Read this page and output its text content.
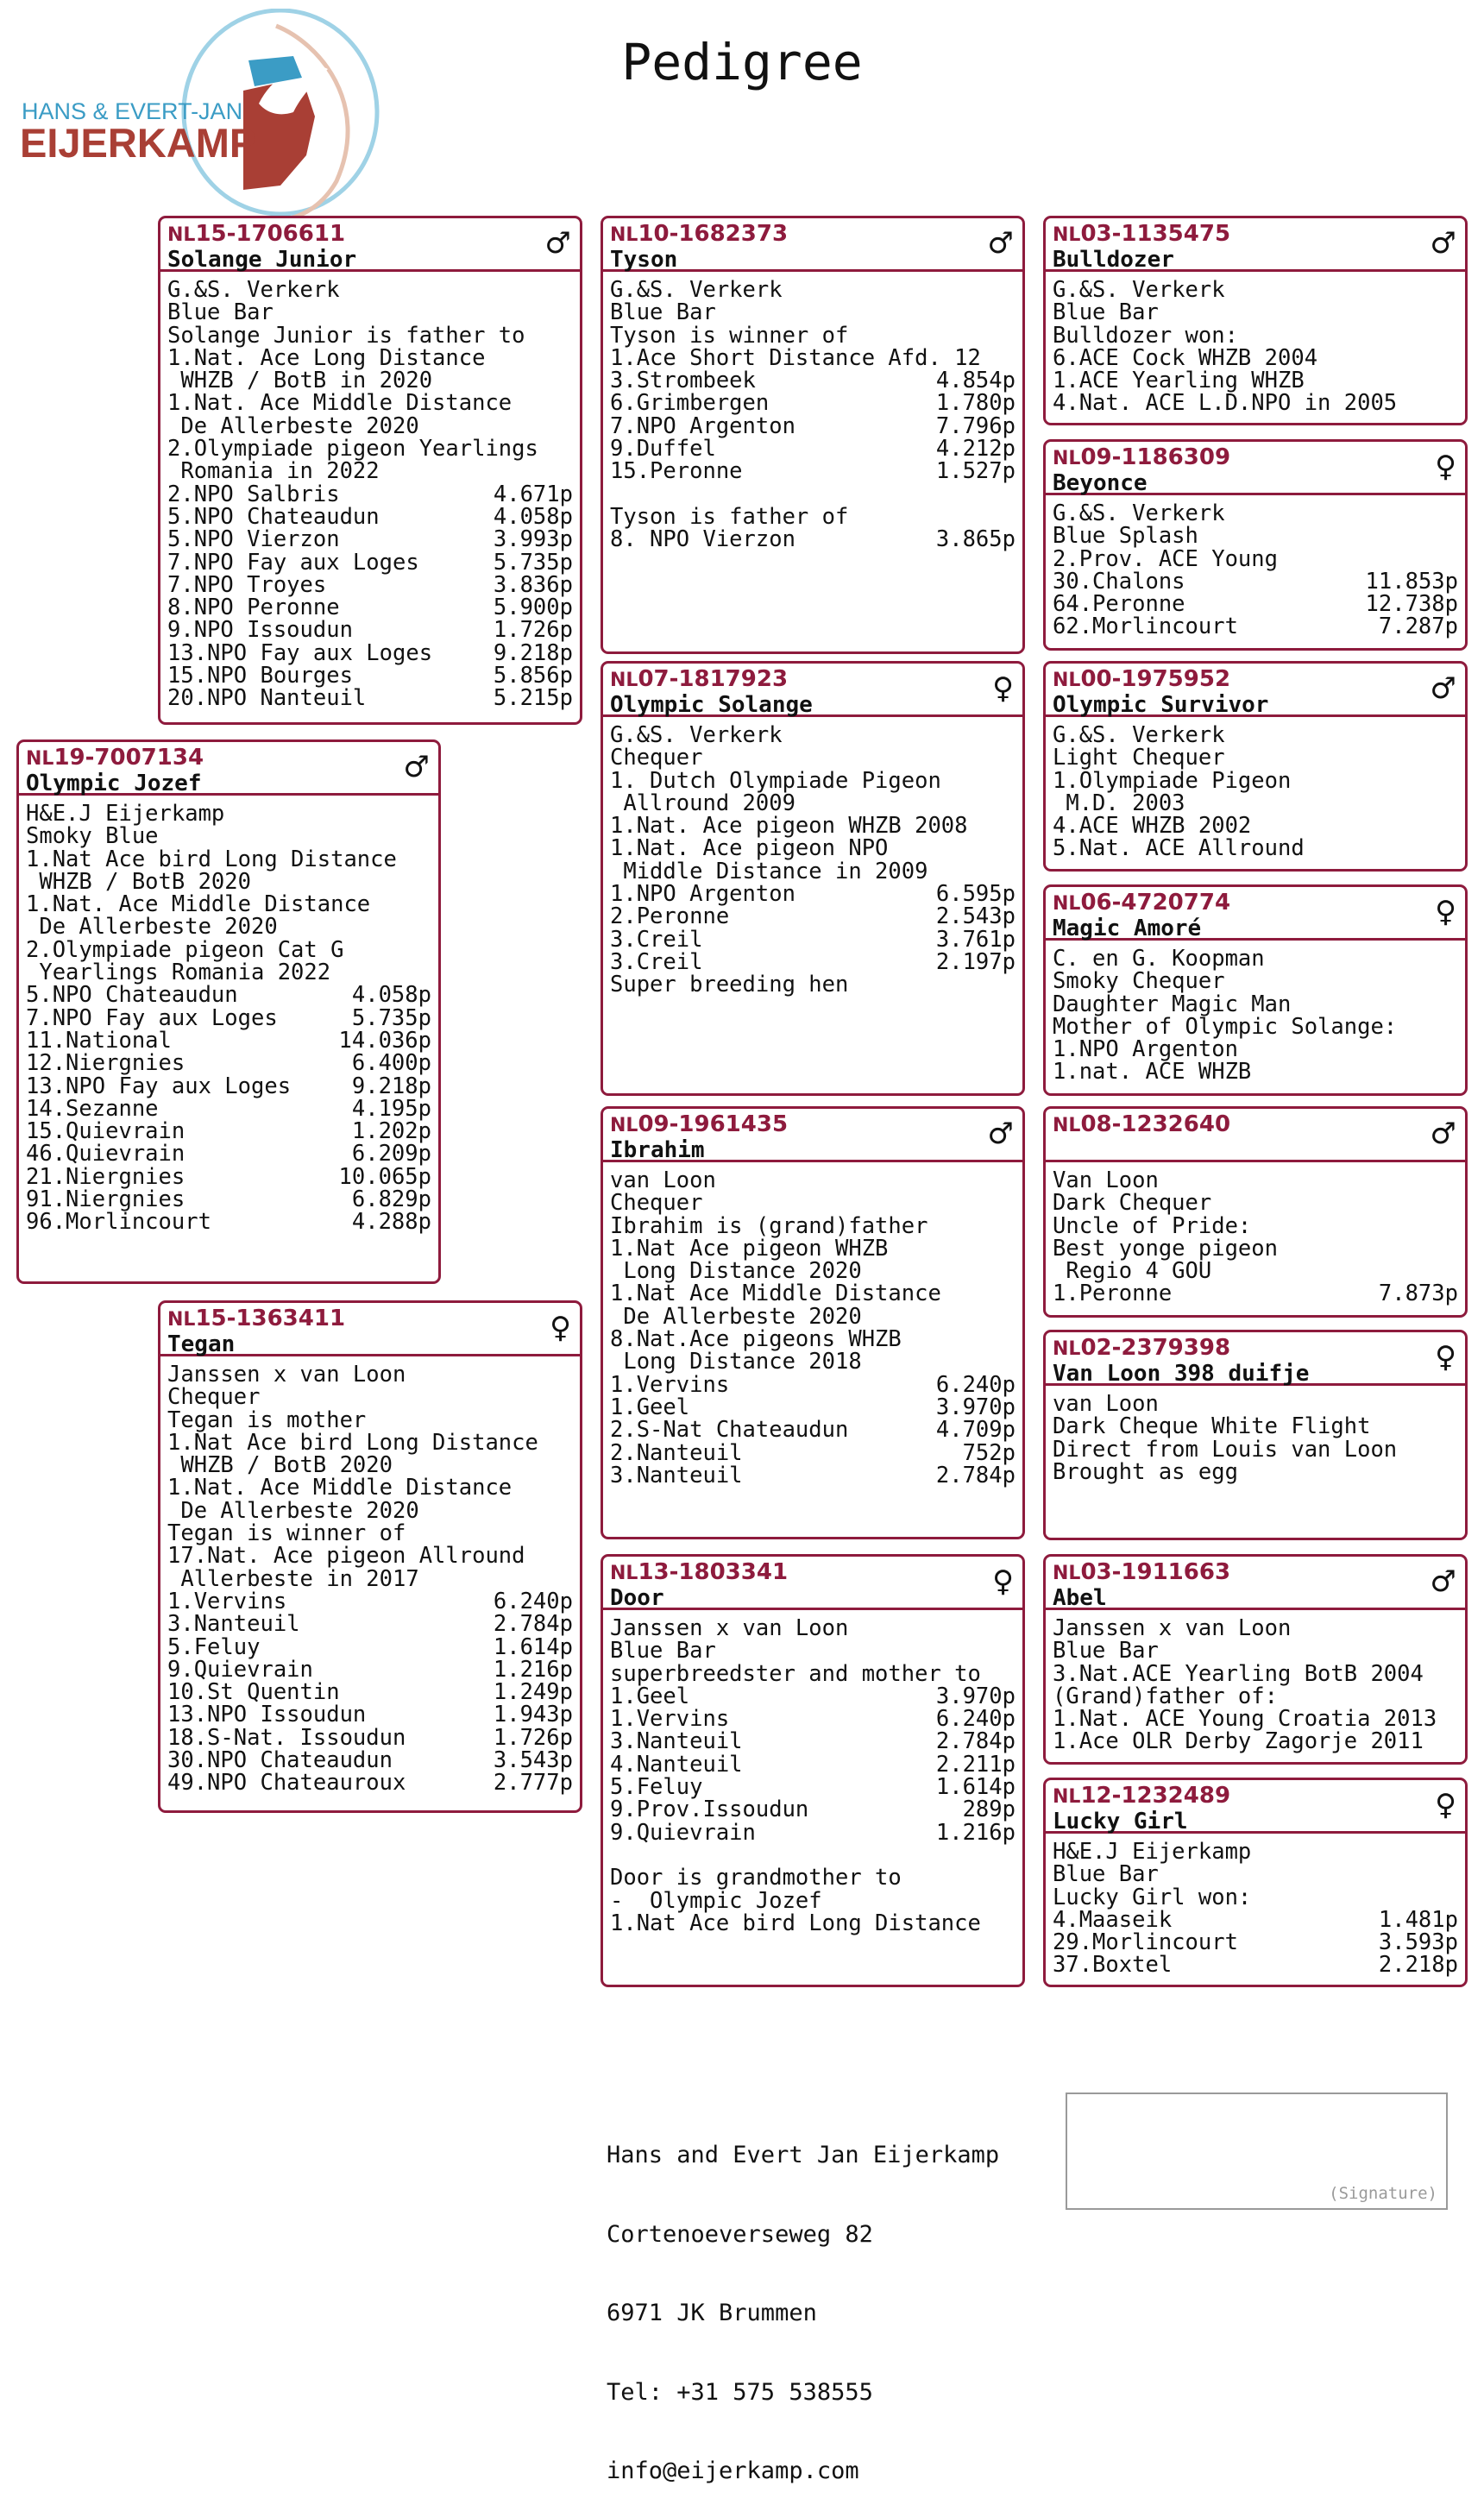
Pedigree
HANS & EVERT-JAN
EIJERKAMP
NL15-1706611
Solange Junior	♂
G.&S. Verkerk
Blue Bar
Solange Junior is father to
1.Nat. Ace Long Distance
WHZB / BotB in 2020
1.Nat. Ace Middle Distance
De Allerbeste 2020
2.Olympiade pigeon Yearlings
Romania in 2022
2.NPO Salbris	4.671p
5.NPO Chateaudun	4.058p
5.NPO Vierzon	3.993p
7.NPO Fay aux Loges	5.735p
7.NPO Troyes	3.836p
8.NPO Peronne	5.900p
9.NPO Issoudun	1.726p
13.NPO Fay aux Loges	9.218p
15.NPO Bourges	5.856p
20.NPO Nanteuil	5.215p
NL10-1682373
Tyson	♂
G.&S. Verkerk
Blue Bar
Tyson is winner of
1.Ace Short Distance Afd. 12
3.Strombeek	4.854p
6.Grimbergen	1.780p
7.NPO Argenton	7.796p
9.Duffel	4.212p
15.Peronne	1.527p

Tyson is father of
8. NPO Vierzon	3.865p
NL03-1135475
Bulldozer	♂
G.&S. Verkerk
Blue Bar
Bulldozer won:
6.ACE Cock WHZB 2004
1.ACE Yearling WHZB
4.Nat. ACE L.D.NPO in 2005
NL09-1186309
Beyonce	♀
G.&S. Verkerk
Blue Splash
2.Prov. ACE Young
30.Chalons	11.853p
64.Peronne	12.738p
62.Morlincourt	7.287p
NL07-1817923
Olympic Solange	♀
G.&S. Verkerk
Chequer
1. Dutch Olympiade Pigeon
Allround 2009
1.Nat. Ace pigeon WHZB 2008
1.Nat. Ace pigeon NPO
Middle Distance in 2009
1.NPO Argenton	6.595p
2.Peronne	2.543p
3.Creil	3.761p
3.Creil	2.197p
Super breeding hen
NL00-1975952
Olympic Survivor	♂
G.&S. Verkerk
Light Chequer
1.Olympiade Pigeon
M.D. 2003
4.ACE WHZB 2002
5.Nat. ACE Allround
NL19-7007134
Olympic Jozef	♂
H&E.J Eijerkamp
Smoky Blue
1.Nat Ace bird Long Distance
WHZB / BotB 2020
1.Nat. Ace Middle Distance
De Allerbeste 2020
2.Olympiade pigeon Cat G
Yearlings Romania 2022
5.NPO Chateaudun	4.058p
7.NPO Fay aux Loges	5.735p
11.National	14.036p
12.Niergnies	6.400p
13.NPO Fay aux Loges	9.218p
14.Sezanne	4.195p
15.Quievrain	1.202p
46.Quievrain	6.209p
21.Niergnies	10.065p
91.Niergnies	6.829p
96.Morlincourt	4.288p
NL06-4720774
Magic Amoré	♀
C. en G. Koopman
Smoky Chequer
Daughter Magic Man
Mother of Olympic Solange:
1.NPO Argenton
1.nat. ACE WHZB
NL09-1961435
Ibrahim	♂
van Loon
Chequer
Ibrahim is (grand)father
1.Nat Ace pigeon WHZB
Long Distance 2020
1.Nat Ace Middle Distance
De Allerbeste 2020
8.Nat.Ace pigeons WHZB
Long Distance 2018
1.Vervins	6.240p
1.Geel	3.970p
2.S-Nat Chateaudun	4.709p
2.Nanteuil	752p
3.Nanteuil	2.784p
NL08-1232640	♂
Van Loon
Dark Chequer
Uncle of Pride:
Best yonge pigeon
Regio 4 GOU
1.Peronne	7.873p
NL15-1363411
Tegan	♀
Janssen x van Loon
Chequer
Tegan is mother
1.Nat Ace bird Long Distance
WHZB / BotB 2020
1.Nat. Ace Middle Distance
De Allerbeste 2020
Tegan is winner of
17.Nat. Ace pigeon Allround
Allerbeste in 2017
1.Vervins	6.240p
3.Nanteuil	2.784p
5.Feluy	1.614p
9.Quievrain	1.216p
10.St Quentin	1.249p
13.NPO Issoudun	1.943p
18.S-Nat. Issoudun	1.726p
30.NPO Chateaudun	3.543p
49.NPO Chateauroux	2.777p
NL02-2379398
Van Loon 398 duifje	♀
van Loon
Dark Cheque White Flight
Direct from Louis van Loon
Brought as egg
NL13-1803341
Door	♀
Janssen x van Loon
Blue Bar
superbreedster and mother to
1.Geel	3.970p
1.Vervins	6.240p
3.Nanteuil	2.784p
4.Nanteuil	2.211p
5.Feluy	1.614p
9.Prov.Issoudun	289p
9.Quievrain	1.216p

Door is grandmother to
-  Olympic Jozef
1.Nat Ace bird Long Distance
NL03-1911663
Abel	♂
Janssen x van Loon
Blue Bar
3.Nat.ACE Yearling BotB 2004
(Grand)father of:
1.Nat. ACE Young Croatia 2013
1.Ace OLR Derby Zagorje 2011
NL12-1232489
Lucky Girl	♀
H&E.J Eijerkamp
Blue Bar
Lucky Girl won:
4.Maaseik	1.481p
29.Morlincourt	3.593p
37.Boxtel	2.218p

Hans and Evert Jan Eijerkamp

Cortenoeverseweg 82

6971 JK Brummen

Tel: +31 575 538555

info@eijerkamp.com

(Signature)
